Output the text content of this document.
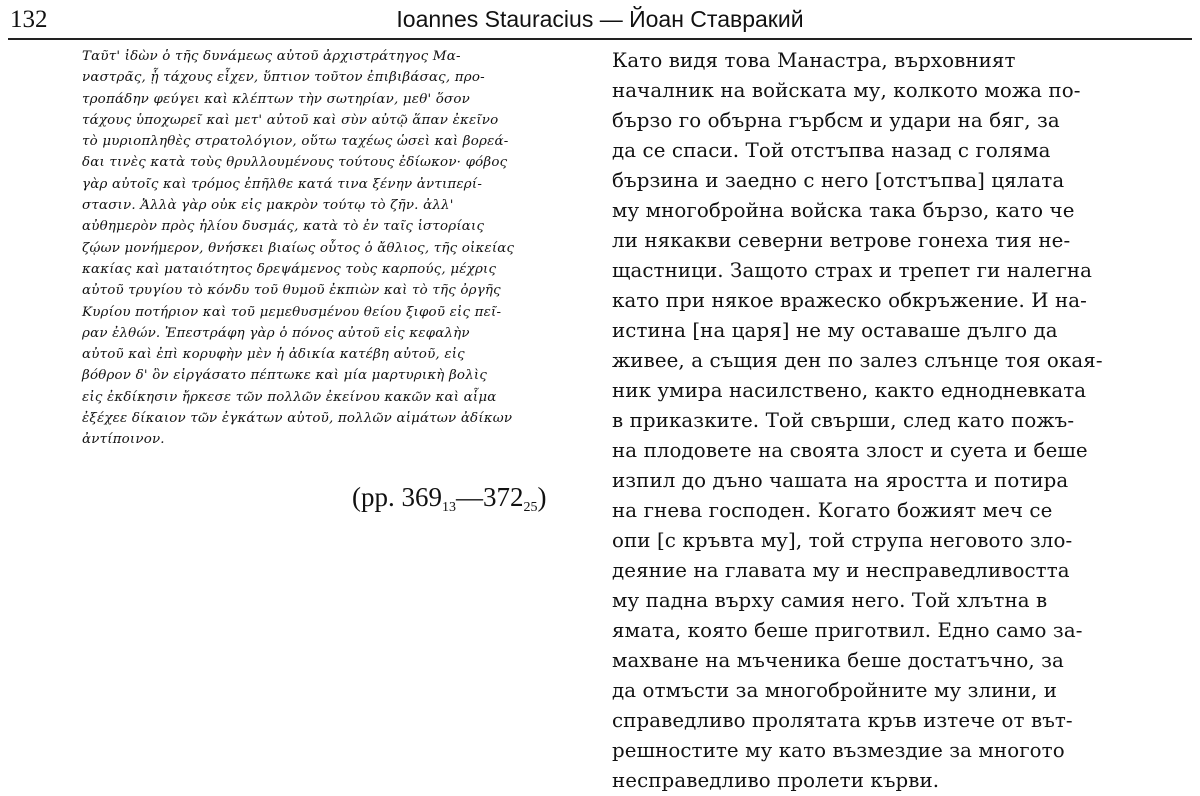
132	Ioannes Stauracius — Йоан Ставракий
Ταῦτ' ἰδὼν ὁ τῆς δυνάμεως αὐτοῦ ἀρχιστράτηγος Μα-
ναστρᾶς, ᾗ τάχους εἶχεν, ὕπτιον τοῦτον ἐπιβιβάσας, προ-
τροπάδην φεύγει καὶ κλέπτων τὴν σωτηρίαν, μεθ' ὅσον
τάχους ὑποχωρεῖ καὶ μετ' αὐτοῦ καὶ σὺν αὐτῷ ἅπαν ἐκεῖνο
τὸ μυριοπληθὲς στρατολόγιον, οὕτω ταχέως ὡσεὶ καὶ βορεά-
δαι τινὲς κατὰ τοὺς θρυλλουμένους τούτους ἐδίωκον· φόβος
γὰρ αὐτοῖς καὶ τρόμος ἐπῆλθε κατά τινα ξένην ἀντιπερί-
στασιν. Ἀλλὰ γὰρ οὐκ εἰς μακρὸν τούτῳ τὸ ζῆν. ἀλλ'
αὐθημερὸν πρὸς ἡλίου δυσμάς, κατὰ τὸ ἐν ταῖς ἱστορίαις
ζῴων μονήμερον, θνήσκει βιαίως οὗτος ὁ ἄθλιος, τῆς οἰκείας
κακίας καὶ ματαιότητος δρεψάμενος τοὺς καρπούς, μέχρις
αὐτοῦ τρυγίου τὸ κόνδυ τοῦ θυμοῦ ἐκπιὼν καὶ τὸ τῆς ὀργῆς
Κυρίου ποτήριον καὶ τοῦ μεμεθυσμένου θείου ξιφοῦ εἰς πεῖ-
ραν ἐλθών. Ἐπεστράφη γὰρ ὁ πόνος αὐτοῦ εἰς κεφαλὴν
αὐτοῦ καὶ ἐπὶ κορυφὴν μὲν ἡ ἀδικία κατέβη αὐτοῦ, εἰς
βόθρον δ' ὃν εἰργάσατο πέπτωκε καὶ μία μαρτυρικὴ βολὶς
εἰς ἐκδίκησιν ἤρκεσε τῶν πολλῶν ἐκείνου κακῶν καὶ αἷμα
ἐξέχεε δίκαιον τῶν ἐγκάτων αὐτοῦ, πολλῶν αἱμάτων ἀδίκων
ἀντίποινον.
(pp. $369_{13}—372_{25}$)
Като видя това Манастра, върховният
началник на войската му, колкото можа по-
бързо го обърна гърбсм и удари на бяг, за
да се спаси. Той отстъпва назад с голяма
бързина и заедно с него [отстъпва] цялата
му многобройна войска така бързо, като че
ли някакви северни ветрове гонеха тия не-
щастници. Защото страх и трепет ги налегна
като при някое вражеско обкръжение. И на-
истина [на царя] не му оставаше дълго да
живее, а същия ден по залез слънце тоя окая-
ник умира насилствено, както еднодневката
в приказките. Той свърши, след като пожъ-
на плодовете на своята злост и суета и беше
изпил до дъно чашата на яростта и потира
на гнева господен. Когато божият меч се
опи [с кръвта му], той струпа неговото зло-
деяние на главата му и несправедливостта
му падна върху самия него. Той хлътна в
ямата, която беше приготвил. Едно само за-
махване на мъченика беше достатъчно, за
да отмъсти за многобройните му злини, и
справедливо пролятата кръв изтече от вът-
решностите му като възмездие за многото
несправедливо пролети кърви.
